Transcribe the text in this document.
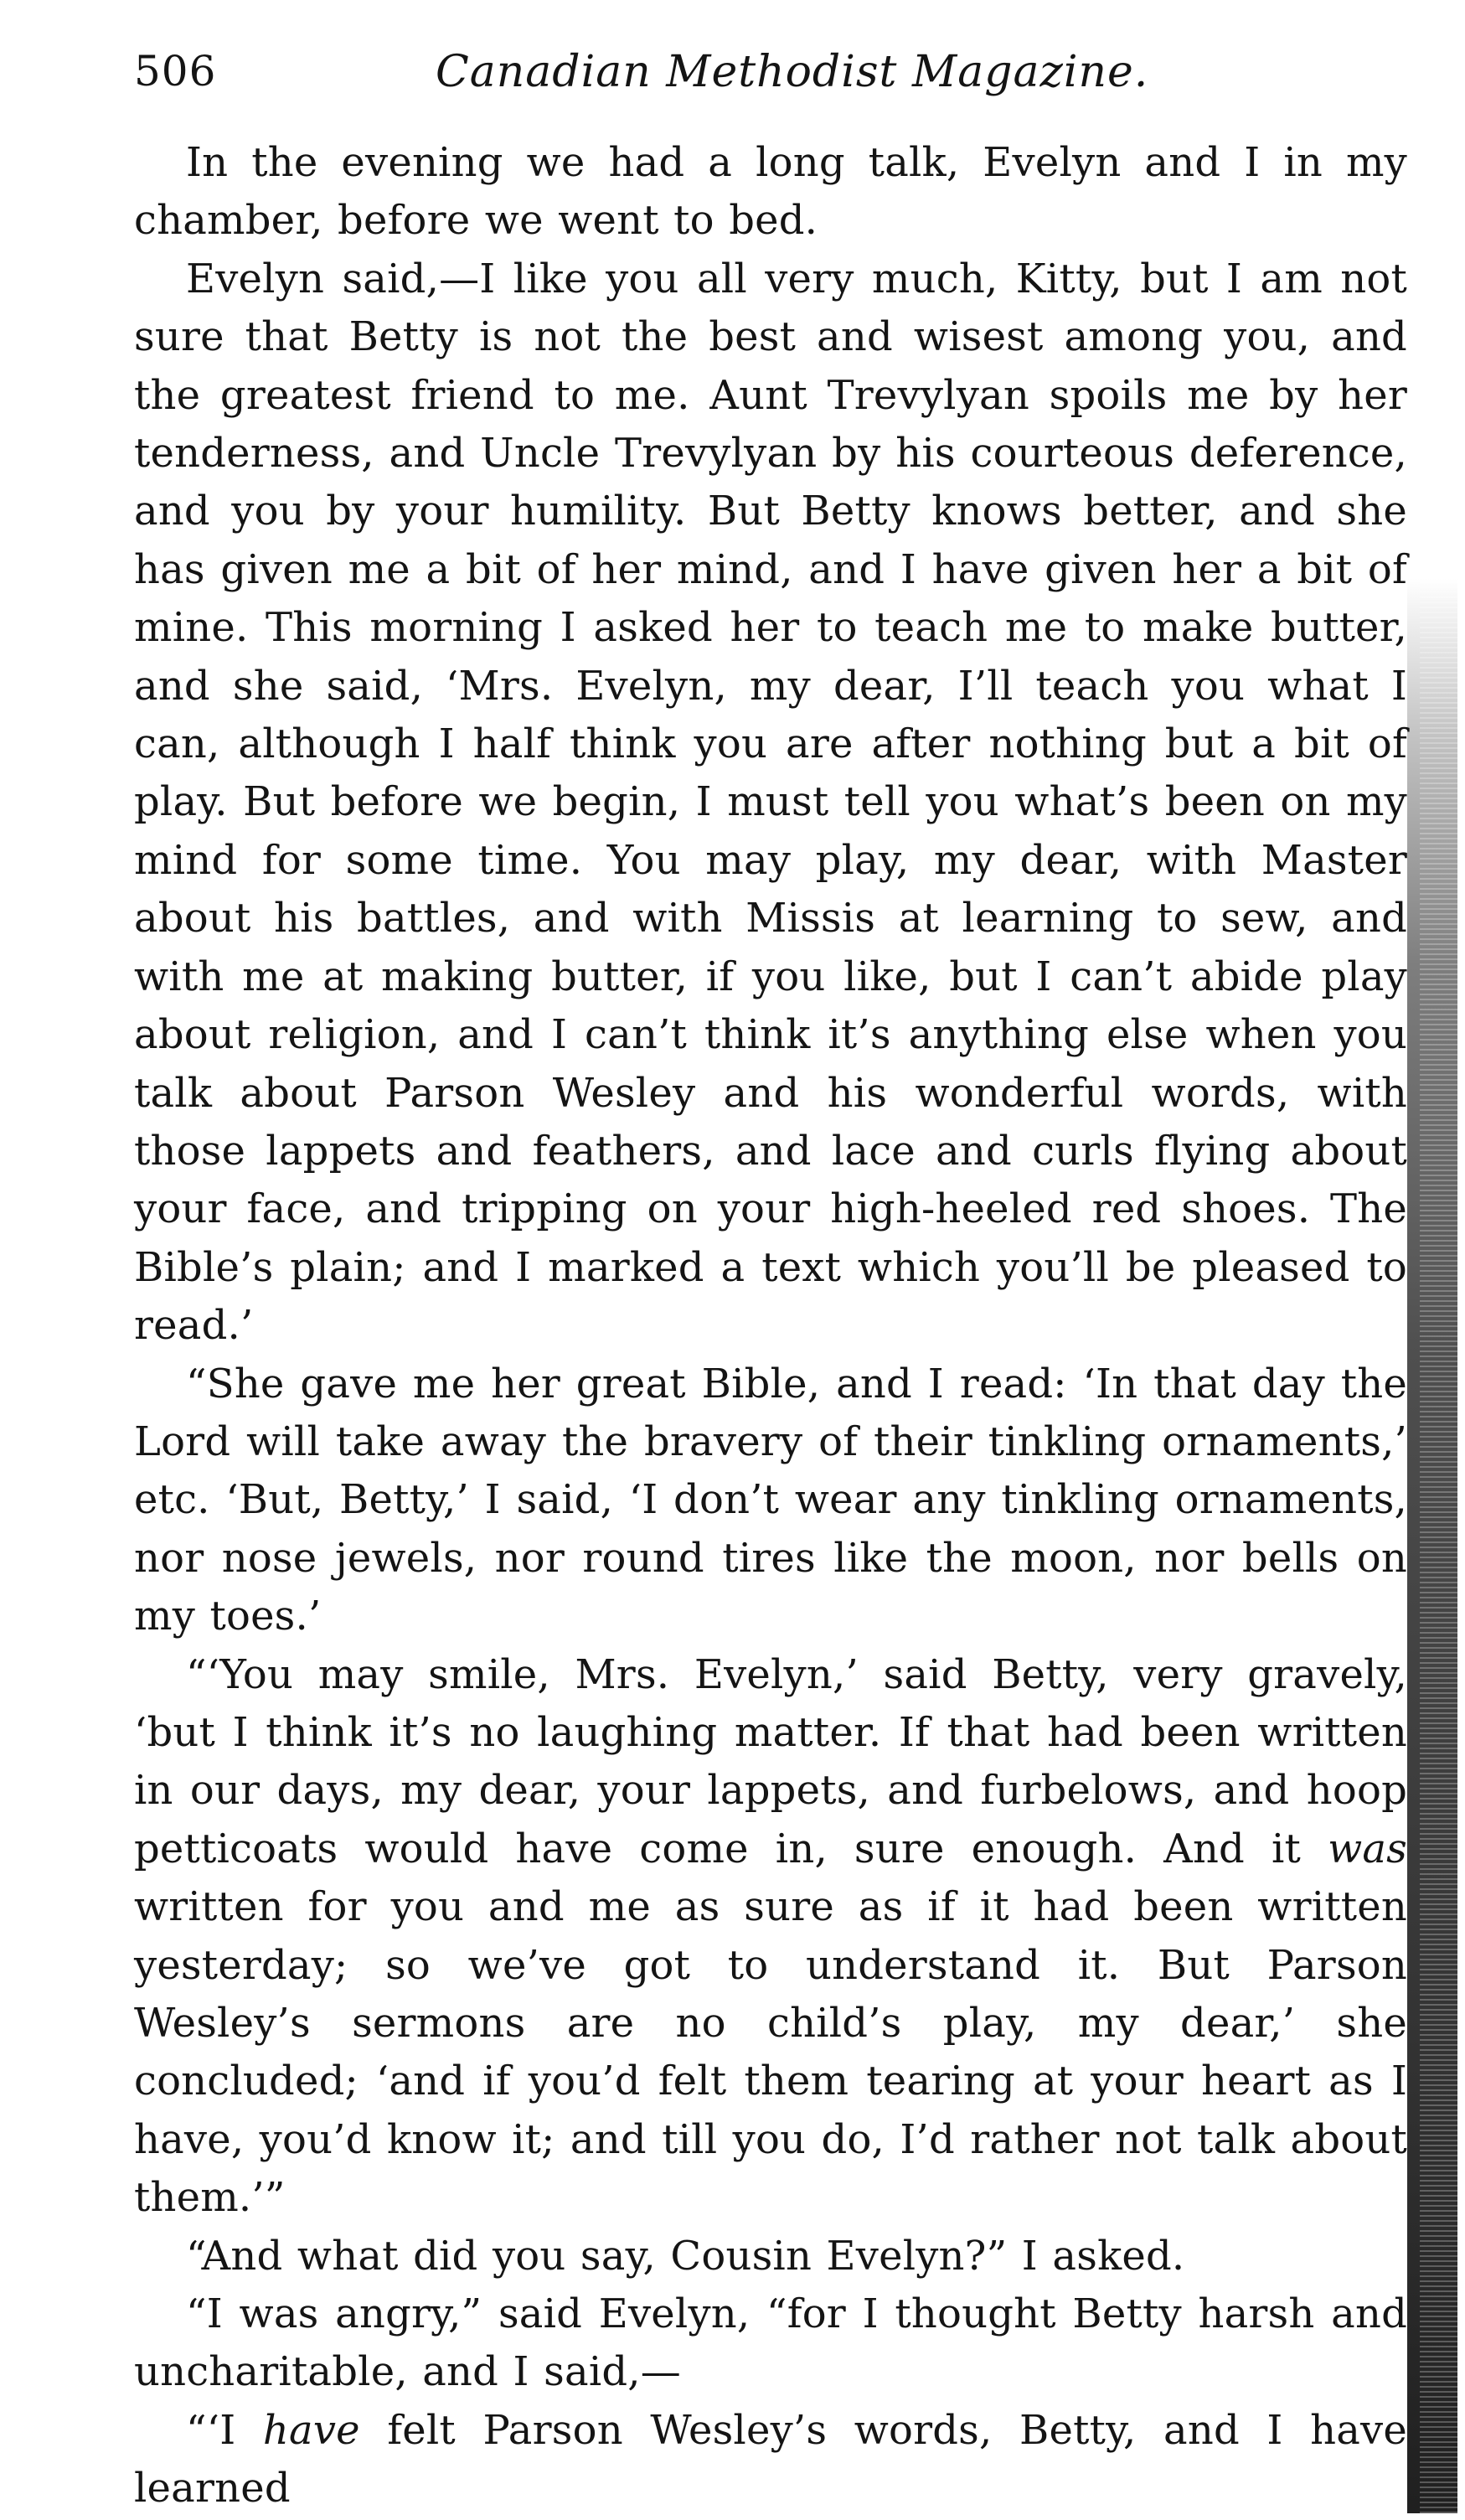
506	Canadian Methodist Magazine.

In the evening we had a long talk, Evelyn and I in my chamber, before we went to bed.

Evelyn said,—I like you all very much, Kitty, but I am not sure that Betty is not the best and wisest among you, and the greatest friend to me. Aunt Trevylyan spoils me by her tenderness, and Uncle Trevylyan by his courteous deference, and you by your humility. But Betty knows better, and she has given me a bit of her mind, and I have given her a bit of mine. This morning I asked her to teach me to make butter, and she said, ‘Mrs. Evelyn, my dear, I’ll teach you what I can, although I half think you are after nothing but a bit of play. But before we begin, I must tell you what’s been on my mind for some time. You may play, my dear, with Master about his battles, and with Missis at learning to sew, and with me at making butter, if you like, but I can’t abide play about religion, and I can’t think it’s anything else when you talk about Parson Wesley and his wonderful words, with those lappets and feathers, and lace and curls flying about your face, and tripping on your high-heeled red shoes. The Bible’s plain; and I marked a text which you’ll be pleased to read.’

“She gave me her great Bible, and I read: ‘In that day the Lord will take away the bravery of their tinkling ornaments,’ etc. ‘But, Betty,’ I said, ‘I don’t wear any tinkling ornaments, nor nose jewels, nor round tires like the moon, nor bells on my toes.’

“‘You may smile, Mrs. Evelyn,’ said Betty, very gravely, ‘but I think it’s no laughing matter. If that had been written in our days, my dear, your lappets, and furbelows, and hoop petticoats would have come in, sure enough. And it was written for you and me as sure as if it had been written yesterday; so we’ve got to understand it. But Parson Wesley’s sermons are no child’s play, my dear,’ she concluded; ‘and if you’d felt them tearing at your heart as I have, you’d know it; and till you do, I’d rather not talk about them.’”

“And what did you say, Cousin Evelyn?” I asked.

“I was angry,” said Evelyn, “for I thought Betty harsh and uncharitable, and I said,—

“‘I have felt Parson Wesley’s words, Betty, and I have learned
